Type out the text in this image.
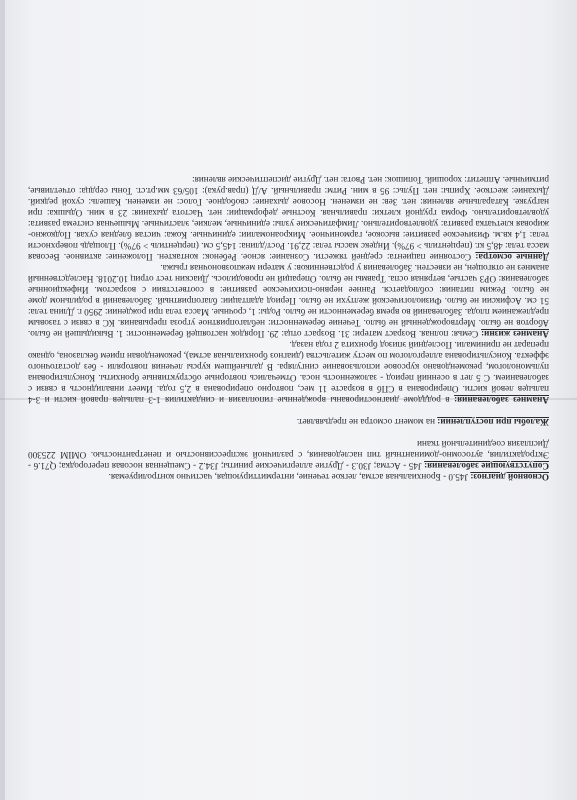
Основной диагноз: J45.0 - Бронхиальная астма, легкое течение, интермиттирующая, частично контролируемая.

Сопутствующие заболевания: J45 - Астма; J30.3 - Другие аллергические риниты; J34.2 - Смещенная носовая перегородка; Q71.6 - Эктродактилия, аутосомно-доминантный тип наследования, с различной экспрессивностью и пенетрантностью. OMIM 225300 Дисплазия соединительной ткани

Жалобы при поступлении: на момент осмотра не предъявляет.

Анамнез заболевания: в родддоме диагностированы врожденные гипоплазия и синдактилия 1-3 пальцев правой кисти и 3-4 пальцев левой кисти. Оперирована в СПб в возрасте 11 мес, повторно оперирована в 2,5 года. Имеет инвалидность в связи с заболеванием. С 5 лет в осенний период - заложенность носа. Отмечались повторные обструктивные бронхиты. Консультирована пульмонологом, рекомендовано курсовое использование сингуляра. В дальнейшем курсы лечения повторяли - без достаточного эффекта. Консультирована аллергологом по месту жительства (диагноз бронхиальная астма), рекомендован прием беклазона, однако препарат не принимали. Последний эпизод бронхита 2 года назад.

Анамнез жизни: Семья: полная. Возраст матери: 31. Возраст отца: 29. Порядок настоящей беременности: 1. Выкидышей не было. Абортов не было. Мертворожденный не было. Течение беременности: неблагоприятное угроза прерывания. КС в связи с тазовым предлежанием плода. Заболеваний во время беременности не было. Роды: 1, срочные. Масса тела при рождении: 2950 г. Длина тела: 51 см. Асфиксии не было. Физиологической желтухи не было. Период адаптации: благоприятный. Заболеваний в родильном доме не было. Режим питания: соблюдается. Раннее нервно-психическое развитие: в соответствии с возрастом. Инфекционные заболевания: ОРЗ частые, ветряная оспа. Травмы не было. Операций не проводилось. Диаскин тест отриц 10.2018. Наследственный анамнез не отягощен, не известен. Заболевания у родственников: у матери межпозвоночная грыжа.

Данные осмотра: Состояние пациента: средней тяжести. Сознание: ясное. Ребенок: контактен. Положение: активное. Весовая масса тела: 48,5 кг. (перцентиль > 97%). Индекс массы тела: 22,91. Рост/длина: 145,5 см. (перцентиль > 97%). Площадь поверхности тела: 1,4 кв.м. Физическое развитие: высокое, гармоничное. Микроаномалии: единичные. Кожа: чистая бледная сухая. Подкожно-жировая клетчатка развита: удовлетворительно. Лимфатические узлы: единичные, мелкие, эластичные. Мышечная система развита: удовлетворительно. Форма грудной клетки: правильная. Костные деформации: нет. Частота дыхания: 23 в мин. Одышка: при нагрузке. Катаральные явления: нет. Зев: не изменен. Носовое дыхание: свободное. Голос: не изменен. Кашель: сухой редкий. Дыхание: жесткое. Хрипы: нет. Пульс: 95 в мин. Ритм: правильный. А/Д (прав.рука): 105/63 мм.рт.ст. Тоны сердца: отчетливые, ритмичные. Аппетит: хороший. Топишок: нет. Рвота: нет. Другие диспептические явления:
